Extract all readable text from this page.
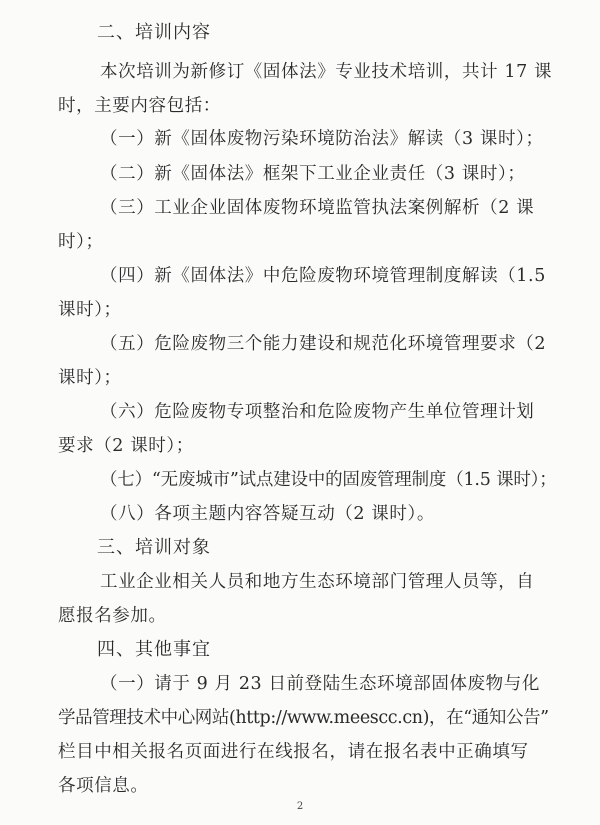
二、培训内容
本次培训为新修订《固体法》专业技术培训，共计 17 课
时，主要内容包括：
（一）新《固体废物污染环境防治法》解读（3 课时）；
（二）新《固体法》框架下工业企业责任（3 课时）；
（三）工业企业固体废物环境监管执法案例解析（2 课
时）；
（四）新《固体法》中危险废物环境管理制度解读（1.5
课时）；
（五）危险废物三个能力建设和规范化环境管理要求（2
课时）；
（六）危险废物专项整治和危险废物产生单位管理计划
要求（2 课时）；
（七）“无废城市”试点建设中的固废管理制度（1.5 课时）；
（八）各项主题内容答疑互动（2 课时）。
三、培训对象
工业企业相关人员和地方生态环境部门管理人员等，自
愿报名参加。
四、其他事宜
（一）请于 9 月 23 日前登陆生态环境部固体废物与化
学品管理技术中心网站(http://www.meescc.cn)，在“通知公告”
栏目中相关报名页面进行在线报名，请在报名表中正确填写
各项信息。
2
